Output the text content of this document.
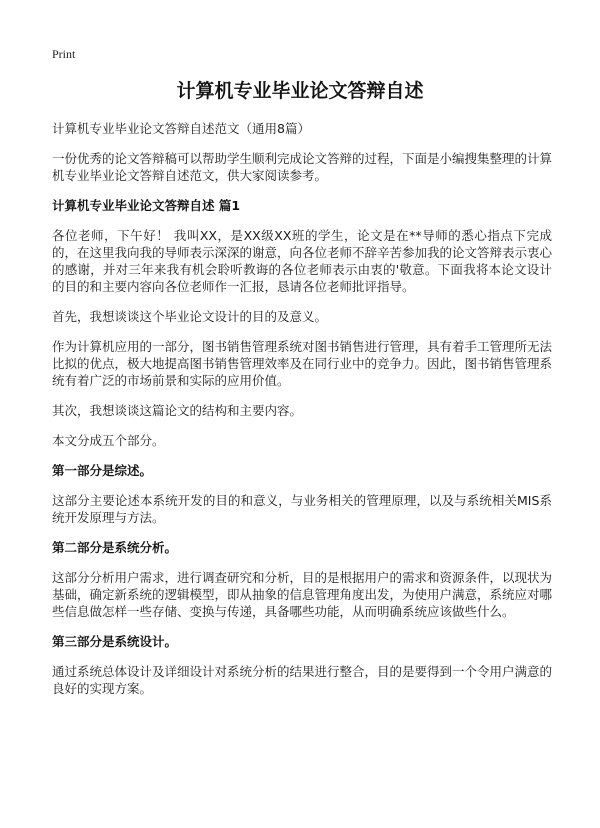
Print
计算机专业毕业论文答辩自述

计算机专业毕业论文答辩自述范文（通用8篇）

一份优秀的论文答辩稿可以帮助学生顺利完成论文答辩的过程，下面是小编搜集整理的计算机专业毕业论文答辩自述范文，供大家阅读参考。

计算机专业毕业论文答辩自述 篇1

各位老师，下午好！ 我叫XX，是XX级XX班的学生，论文是在**导师的悉心指点下完成的，在这里我向我的导师表示深深的谢意，向各位老师不辞辛苦参加我的论文答辩表示衷心的感谢，并对三年来我有机会聆听教诲的各位老师表示由衷的'敬意。下面我将本论文设计的目的和主要内容向各位老师作一汇报，恳请各位老师批评指导。

首先，我想谈谈这个毕业论文设计的目的及意义。

作为计算机应用的一部分，图书销售管理系统对图书销售进行管理，具有着手工管理所无法比拟的优点，极大地提高图书销售管理效率及在同行业中的竞争力。因此，图书销售管理系统有着广泛的市场前景和实际的应用价值。

其次，我想谈谈这篇论文的结构和主要内容。

本文分成五个部分。

第一部分是综述。

这部分主要论述本系统开发的目的和意义，与业务相关的管理原理，以及与系统相关MIS系统开发原理与方法。

第二部分是系统分析。

这部分分析用户需求，进行调查研究和分析，目的是根据用户的需求和资源条件，以现状为基础，确定新系统的逻辑模型，即从抽象的信息管理角度出发，为使用户满意，系统应对哪些信息做怎样一些存储、变换与传递，具备哪些功能，从而明确系统应该做些什么。

第三部分是系统设计。

通过系统总体设计及详细设计对系统分析的结果进行整合，目的是要得到一个令用户满意的良好的实现方案。
